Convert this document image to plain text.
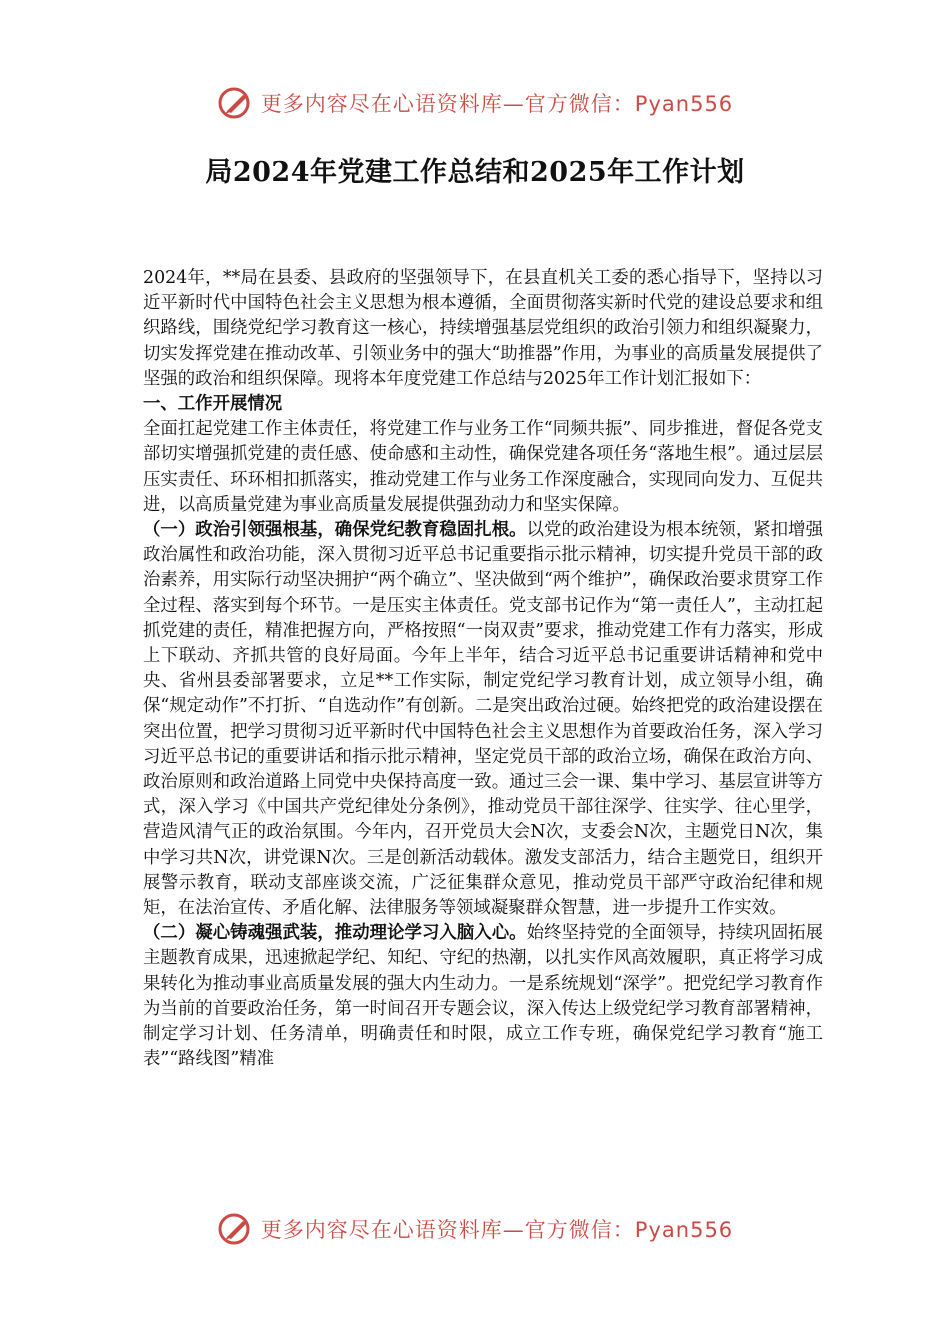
更多内容尽在心语资料库—官方微信：Pyan556
局2024年党建工作总结和2025年工作计划

2024年，**局在县委、县政府的坚强领导下，在县直机关工委的悉心指导下，坚持以习近平新时代中国特色社会主义思想为根本遵循，全面贯彻落实新时代党的建设总要求和组织路线，围绕党纪学习教育这一核心，持续增强基层党组织的政治引领力和组织凝聚力，切实发挥党建在推动改革、引领业务中的强大“助推器”作用，为事业的高质量发展提供了坚强的政治和组织保障。现将本年度党建工作总结与2025年工作计划汇报如下：

一、工作开展情况

全面扛起党建工作主体责任，将党建工作与业务工作“同频共振”、同步推进，督促各党支部切实增强抓党建的责任感、使命感和主动性，确保党建各项任务“落地生根”。通过层层压实责任、环环相扣抓落实，推动党建工作与业务工作深度融合，实现同向发力、互促共进，以高质量党建为事业高质量发展提供强劲动力和坚实保障。

（一）政治引领强根基，确保党纪教育稳固扎根。以党的政治建设为根本统领，紧扣增强政治属性和政治功能，深入贯彻习近平总书记重要指示批示精神，切实提升党员干部的政治素养，用实际行动坚决拥护“两个确立”、坚决做到“两个维护”，确保政治要求贯穿工作全过程、落实到每个环节。一是压实主体责任。党支部书记作为“第一责任人”，主动扛起抓党建的责任，精准把握方向，严格按照“一岗双责”要求，推动党建工作有力落实，形成上下联动、齐抓共管的良好局面。今年上半年，结合习近平总书记重要讲话精神和党中央、省州县委部署要求，立足**工作实际，制定党纪学习教育计划，成立领导小组，确保“规定动作”不打折、“自选动作”有创新。二是突出政治过硬。始终把党的政治建设摆在突出位置，把学习贯彻习近平新时代中国特色社会主义思想作为首要政治任务，深入学习习近平总书记的重要讲话和指示批示精神，坚定党员干部的政治立场，确保在政治方向、政治原则和政治道路上同党中央保持高度一致。通过三会一课、集中学习、基层宣讲等方式，深入学习《中国共产党纪律处分条例》，推动党员干部往深学、往实学、往心里学，营造风清气正的政治氛围。今年内，召开党员大会N次，支委会N次，主题党日N次，集中学习共N次，讲党课N次。三是创新活动载体。激发支部活力，结合主题党日，组织开展警示教育，联动支部座谈交流，广泛征集群众意见，推动党员干部严守政治纪律和规矩，在法治宣传、矛盾化解、法律服务等领域凝聚群众智慧，进一步提升工作实效。

（二）凝心铸魂强武装，推动理论学习入脑入心。始终坚持党的全面领导，持续巩固拓展主题教育成果，迅速掀起学纪、知纪、守纪的热潮，以扎实作风高效履职，真正将学习成果转化为推动事业高质量发展的强大内生动力。一是系统规划“深学”。把党纪学习教育作为当前的首要政治任务，第一时间召开专题会议，深入传达上级党纪学习教育部署精神，制定学习计划、任务清单，明确责任和时限，成立工作专班，确保党纪学习教育“施工表”“路线图”精准

更多内容尽在心语资料库—官方微信：Pyan556
